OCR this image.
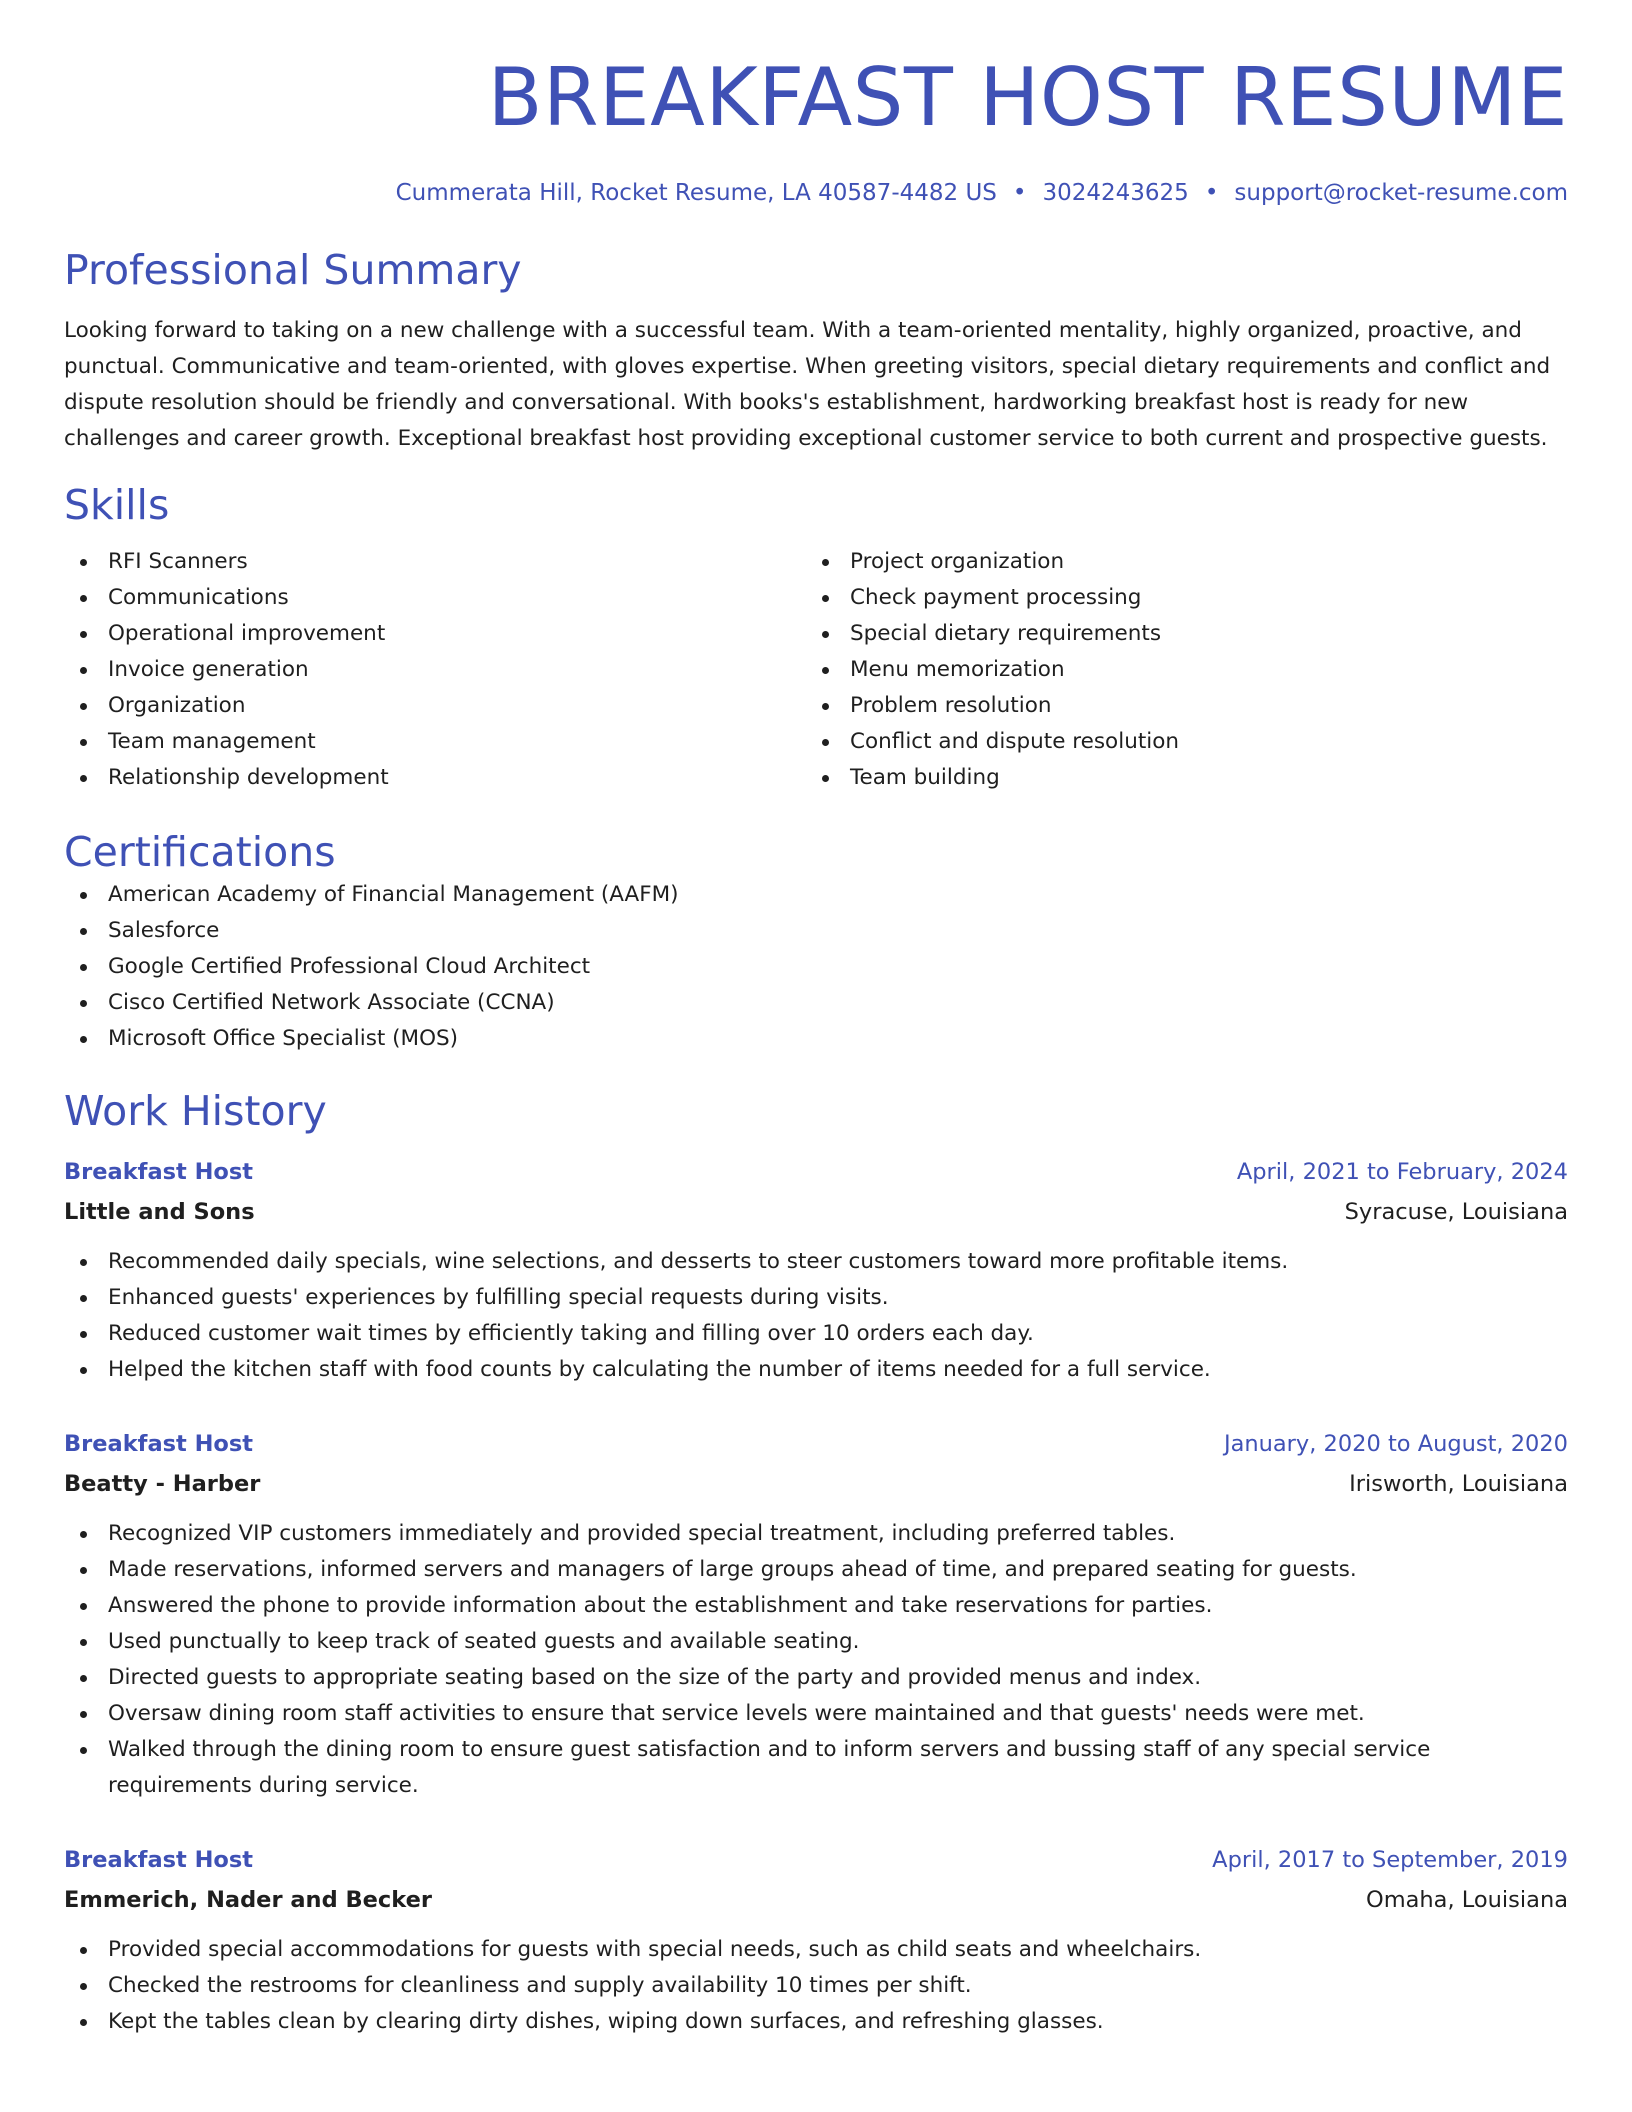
BREAKFAST HOST RESUME
Cummerata Hill, Rocket Resume, LA 40587-4482 US • 3024243625 • support@rocket-resume.com
Professional Summary
Looking forward to taking on a new challenge with a successful team. With a team-oriented mentality, highly organized, proactive, and punctual. Communicative and team-oriented, with gloves expertise. When greeting visitors, special dietary requirements and conflict and dispute resolution should be friendly and conversational. With books's establishment, hardworking breakfast host is ready for new challenges and career growth. Exceptional breakfast host providing exceptional customer service to both current and prospective guests.
Skills
RFI Scanners
Communications
Operational improvement
Invoice generation
Organization
Team management
Relationship development
Project organization
Check payment processing
Special dietary requirements
Menu memorization
Problem resolution
Conflict and dispute resolution
Team building
Certifications
American Academy of Financial Management (AAFM)
Salesforce
Google Certified Professional Cloud Architect
Cisco Certified Network Associate (CCNA)
Microsoft Office Specialist (MOS)
Work History
Breakfast Host	April, 2021 to February, 2024
Little and Sons	Syracuse, Louisiana
Recommended daily specials, wine selections, and desserts to steer customers toward more profitable items.
Enhanced guests' experiences by fulfilling special requests during visits.
Reduced customer wait times by efficiently taking and filling over 10 orders each day.
Helped the kitchen staff with food counts by calculating the number of items needed for a full service.
Breakfast Host	January, 2020 to August, 2020
Beatty - Harber	Irisworth, Louisiana
Recognized VIP customers immediately and provided special treatment, including preferred tables.
Made reservations, informed servers and managers of large groups ahead of time, and prepared seating for guests.
Answered the phone to provide information about the establishment and take reservations for parties.
Used punctually to keep track of seated guests and available seating.
Directed guests to appropriate seating based on the size of the party and provided menus and index.
Oversaw dining room staff activities to ensure that service levels were maintained and that guests' needs were met.
Walked through the dining room to ensure guest satisfaction and to inform servers and bussing staff of any special service requirements during service.
Breakfast Host	April, 2017 to September, 2019
Emmerich, Nader and Becker	Omaha, Louisiana
Provided special accommodations for guests with special needs, such as child seats and wheelchairs.
Checked the restrooms for cleanliness and supply availability 10 times per shift.
Kept the tables clean by clearing dirty dishes, wiping down surfaces, and refreshing glasses.
